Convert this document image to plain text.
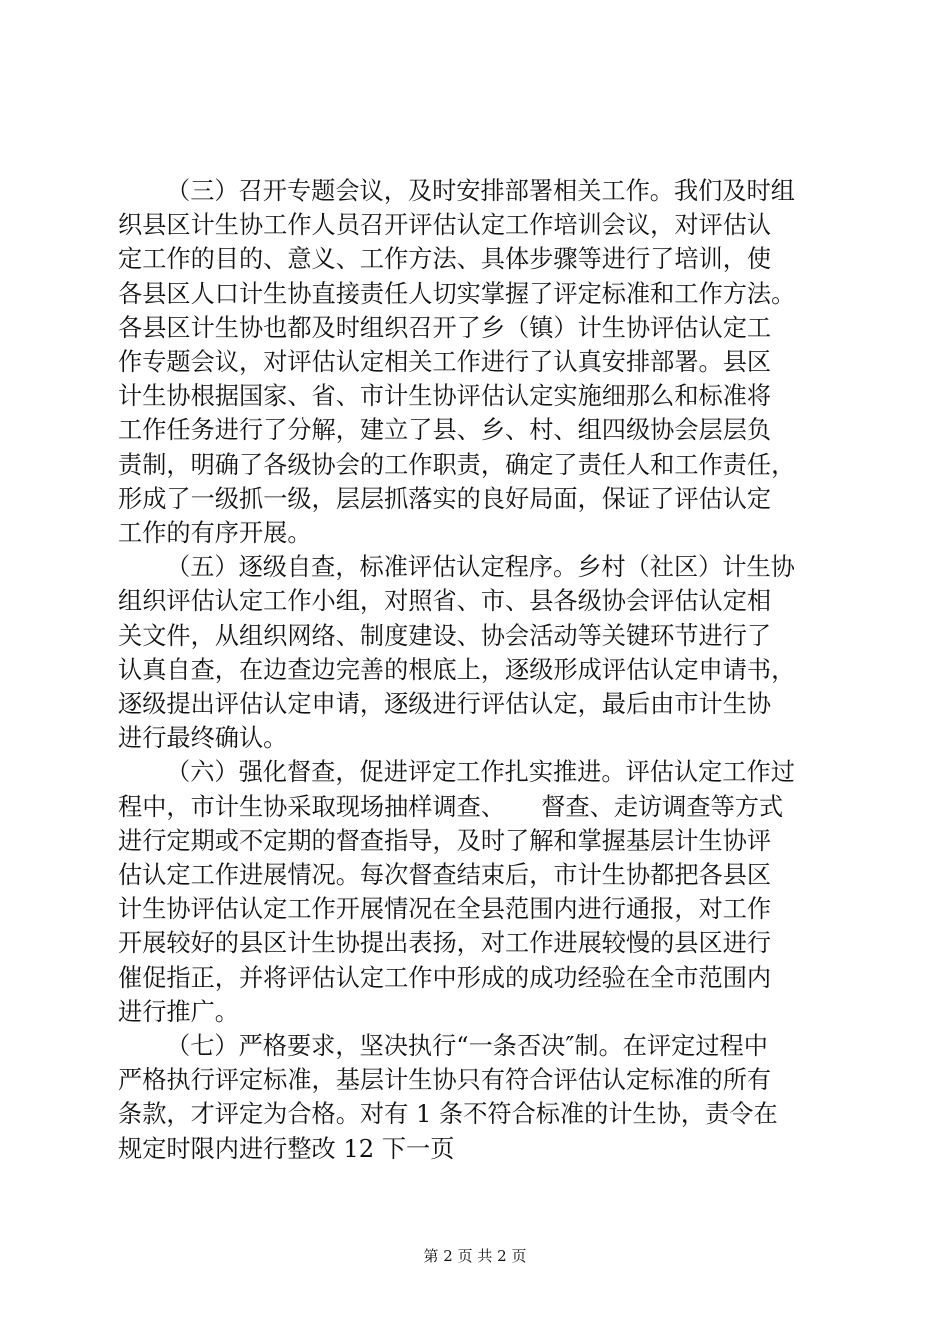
（三）召开专题会议，及时安排部署相关工作。我们及时组
织县区计生协工作人员召开评估认定工作培训会议，对评估认
定工作的目的、意义、工作方法、具体步骤等进行了培训，使
各县区人口计生协直接责任人切实掌握了评定标准和工作方法。
各县区计生协也都及时组织召开了乡（镇）计生协评估认定工
作专题会议，对评估认定相关工作进行了认真安排部署。县区
计生协根据国家、省、市计生协评估认定实施细那么和标准将
工作任务进行了分解，建立了县、乡、村、组四级协会层层负
责制，明确了各级协会的工作职责，确定了责任人和工作责任，
形成了一级抓一级，层层抓落实的良好局面，保证了评估认定
工作的有序开展。
（五）逐级自查，标准评估认定程序。乡村（社区）计生协
组织评估认定工作小组，对照省、市、县各级协会评估认定相
关文件，从组织网络、制度建设、协会活动等关键环节进行了
认真自查，在边查边完善的根底上，逐级形成评估认定申请书，
逐级提出评估认定申请，逐级进行评估认定，最后由市计生协
进行最终确认。
（六）强化督查，促进评定工作扎实推进。评估认定工作过
程中，市计生协采取现场抽样调查、　　督查、走访调查等方式
进行定期或不定期的督查指导，及时了解和掌握基层计生协评
估认定工作进展情况。每次督查结束后，市计生协都把各县区
计生协评估认定工作开展情况在全县范围内进行通报，对工作
开展较好的县区计生协提出表扬，对工作进展较慢的县区进行
催促指正，并将评估认定工作中形成的成功经验在全市范围内
进行推广。
（七）严格要求，坚决执行“一条否决″制。在评定过程中
严格执行评定标准，基层计生协只有符合评估认定标准的所有
条款，才评定为合格。对有 1 条不符合标准的计生协，责令在
规定时限内进行整改 12 下一页
第 2 页 共 2 页
